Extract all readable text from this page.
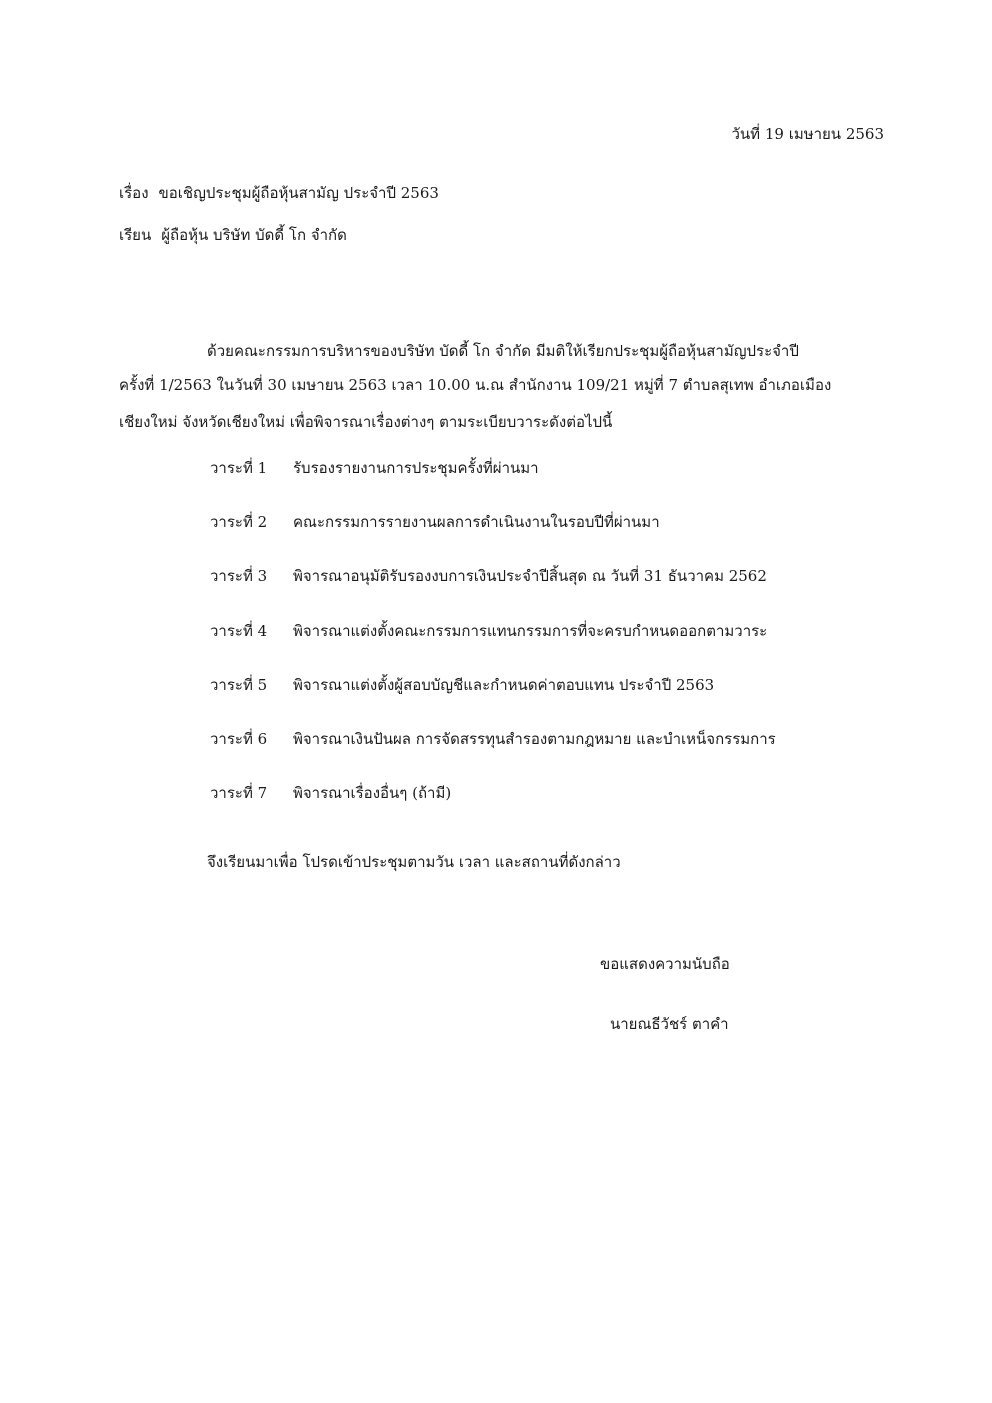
วันที่ 19 เมษายน 2563
เรื่อง ขอเชิญประชุมผู้ถือหุ้นสามัญ ประจำปี 2563
เรียน ผู้ถือหุ้น บริษัท บัดดี้ โก จำกัด
ด้วยคณะกรรมการบริหารของบริษัท บัดดี้ โก จำกัด มีมติให้เรียกประชุมผู้ถือหุ้นสามัญประจำปี
ครั้งที่ 1/2563 ในวันที่ 30 เมษายน 2563 เวลา 10.00 น.ณ สำนักงาน 109/21 หมู่ที่ 7 ตำบลสุเทพ อำเภอเมือง
เชียงใหม่ จังหวัดเชียงใหม่ เพื่อพิจารณาเรื่องต่างๆ ตามระเบียบวาระดังต่อไปนี้
วาระที่ 1 รับรองรายงานการประชุมครั้งที่ผ่านมา
วาระที่ 2 คณะกรรมการรายงานผลการดำเนินงานในรอบปีที่ผ่านมา
วาระที่ 3 พิจารณาอนุมัติรับรองงบการเงินประจำปีสิ้นสุด ณ วันที่ 31 ธันวาคม 2562
วาระที่ 4 พิจารณาแต่งตั้งคณะกรรมการแทนกรรมการที่จะครบกำหนดออกตามวาระ
วาระที่ 5 พิจารณาแต่งตั้งผู้สอบบัญชีและกำหนดค่าตอบแทน ประจำปี 2563
วาระที่ 6 พิจารณาเงินปันผล การจัดสรรทุนสำรองตามกฎหมาย และบำเหน็จกรรมการ
วาระที่ 7 พิจารณาเรื่องอื่นๆ (ถ้ามี)
จึงเรียนมาเพื่อ โปรดเข้าประชุมตามวัน เวลา และสถานที่ดังกล่าว
ขอแสดงความนับถือ
นายณธีวัชร์ ตาคำ
